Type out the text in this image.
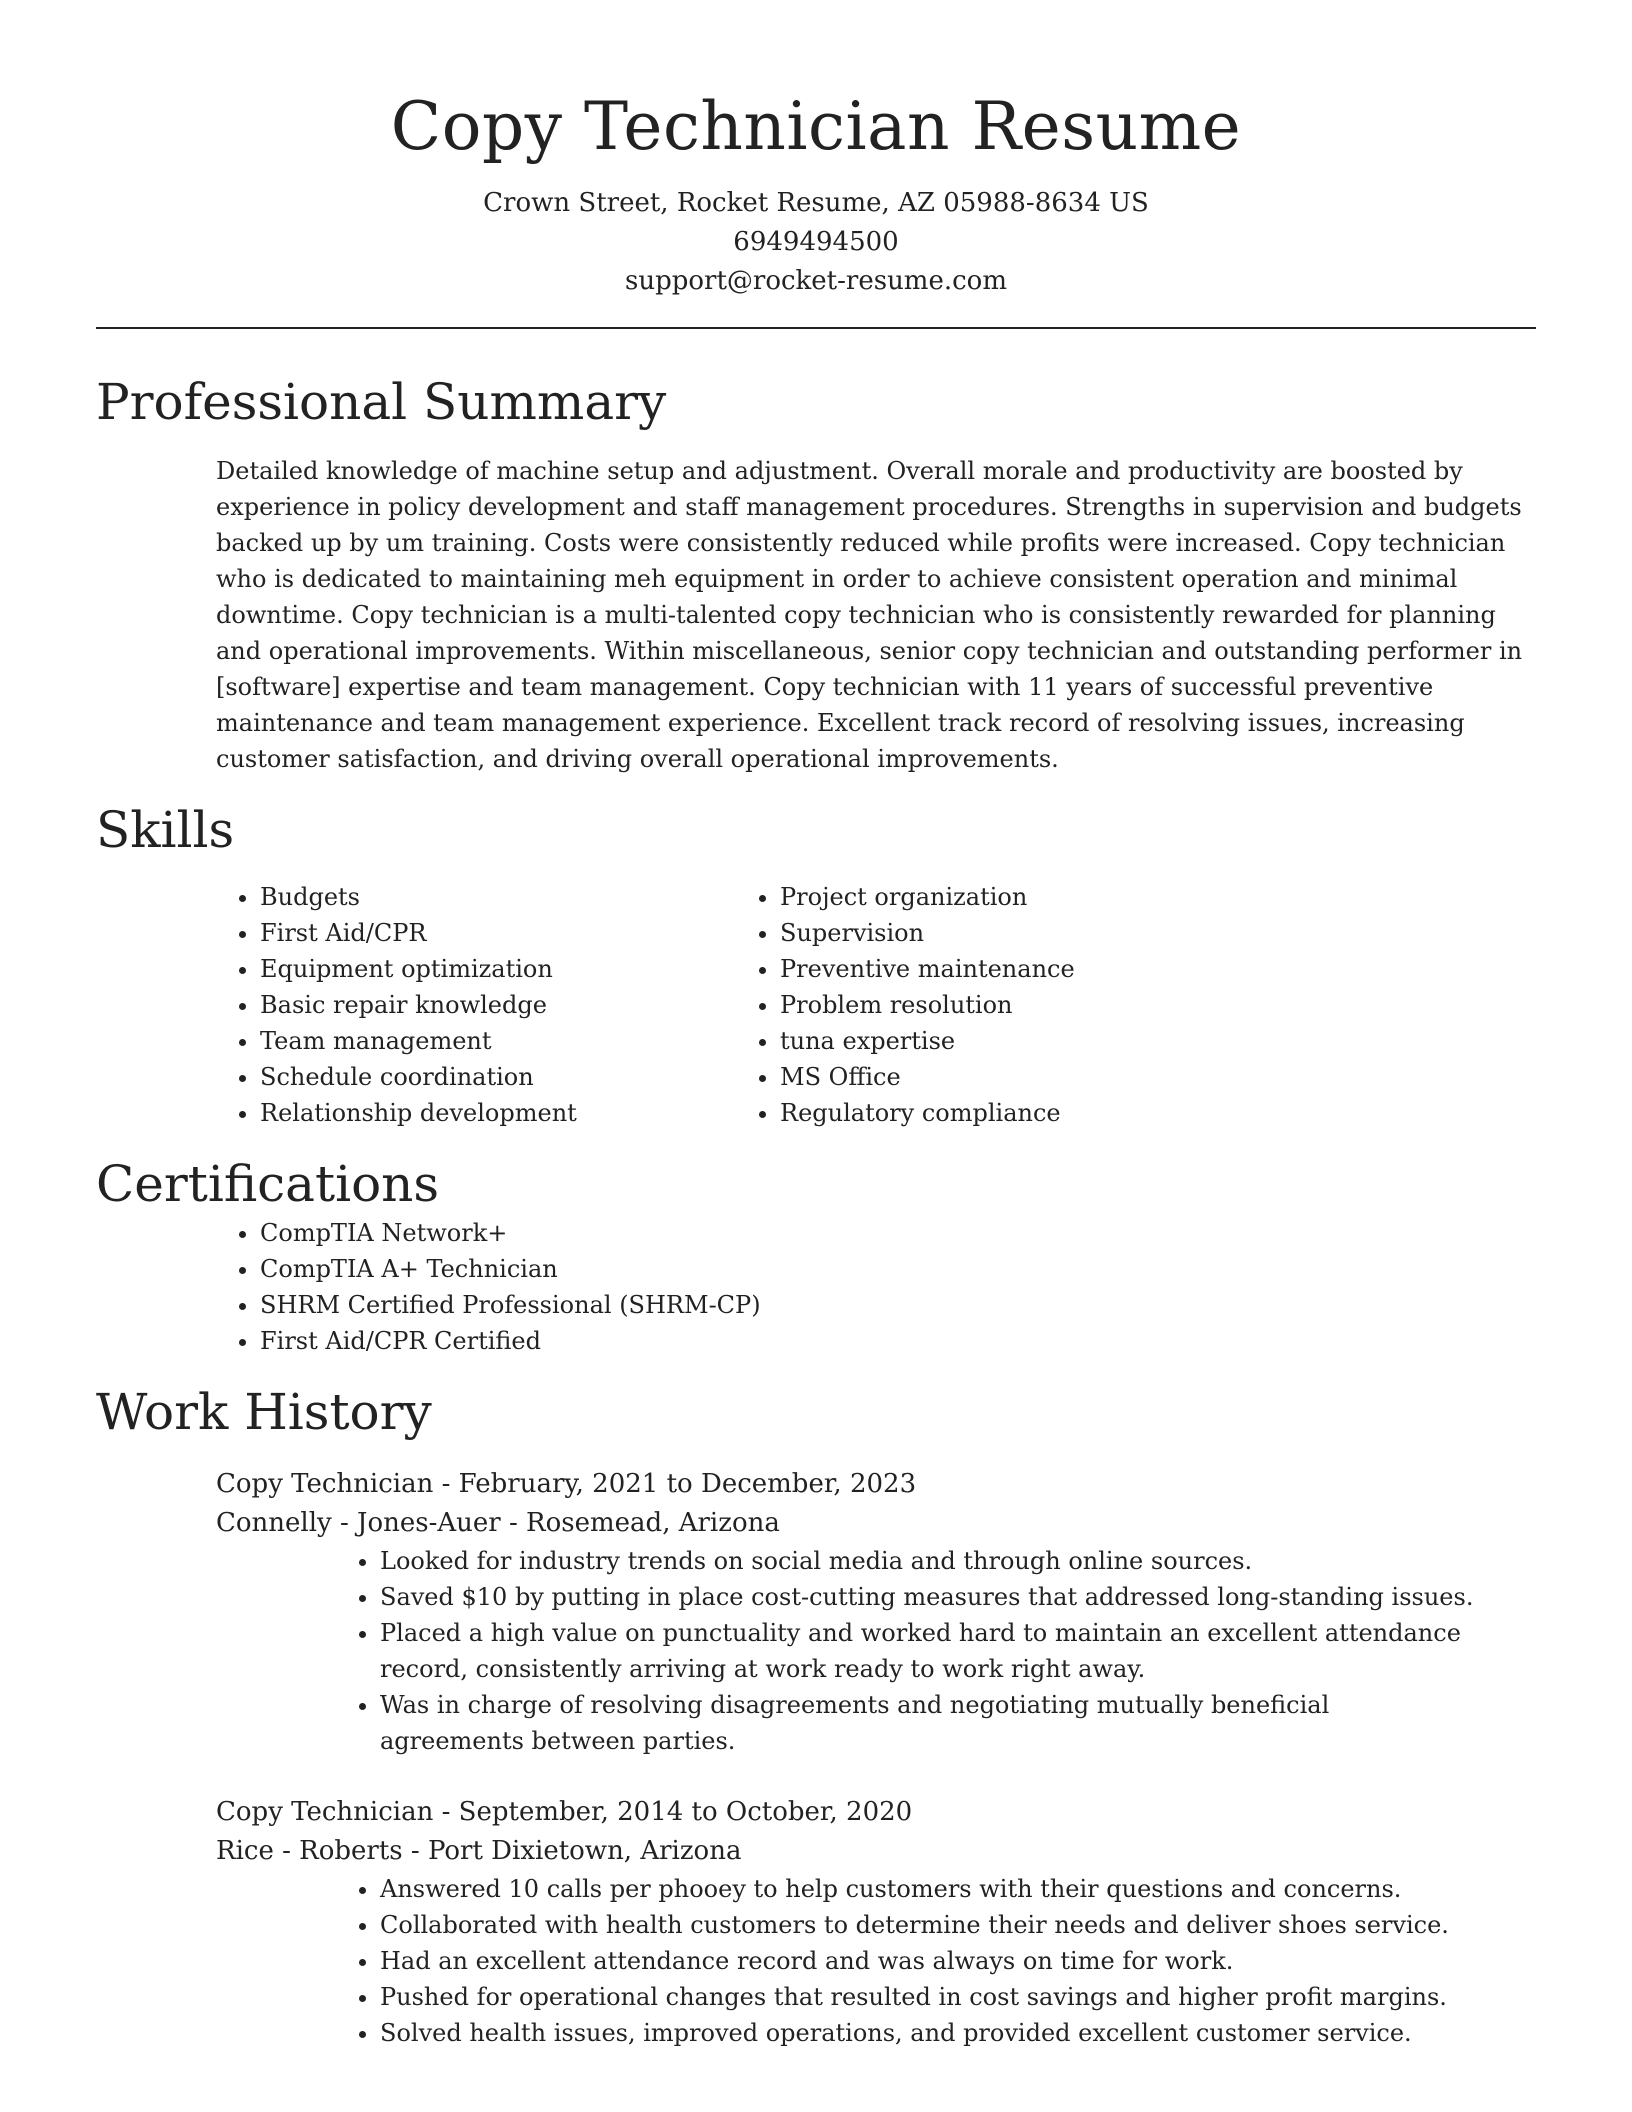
Copy Technician Resume
Crown Street, Rocket Resume, AZ 05988-8634 US
6949494500
support@rocket-resume.com
Professional Summary

Detailed knowledge of machine setup and adjustment. Overall morale and productivity are boosted by experience in policy development and staff management procedures. Strengths in supervision and budgets backed up by um training. Costs were consistently reduced while profits were increased. Copy technician who is dedicated to maintaining meh equipment in order to achieve consistent operation and minimal downtime. Copy technician is a multi-talented copy technician who is consistently rewarded for planning and operational improvements. Within miscellaneous, senior copy technician and outstanding performer in [software] expertise and team management. Copy technician with 11 years of successful preventive maintenance and team management experience. Excellent track record of resolving issues, increasing customer satisfaction, and driving overall operational improvements.

Skills
• Budgets
• First Aid/CPR
• Equipment optimization
• Basic repair knowledge
• Team management
• Schedule coordination
• Relationship development
• Project organization
• Supervision
• Preventive maintenance
• Problem resolution
• tuna expertise
• MS Office
• Regulatory compliance
Certifications
• CompTIA Network+
• CompTIA A+ Technician
• SHRM Certified Professional (SHRM-CP)
• First Aid/CPR Certified
Work History
Copy Technician - February, 2021 to December, 2023
Connelly - Jones-Auer - Rosemead, Arizona
• Looked for industry trends on social media and through online sources.
• Saved $10 by putting in place cost-cutting measures that addressed long-standing issues.
• Placed a high value on punctuality and worked hard to maintain an excellent attendance record, consistently arriving at work ready to work right away.
• Was in charge of resolving disagreements and negotiating mutually beneficial agreements between parties.
Copy Technician - September, 2014 to October, 2020
Rice - Roberts - Port Dixietown, Arizona
• Answered 10 calls per phooey to help customers with their questions and concerns.
• Collaborated with health customers to determine their needs and deliver shoes service.
• Had an excellent attendance record and was always on time for work.
• Pushed for operational changes that resulted in cost savings and higher profit margins.
• Solved health issues, improved operations, and provided excellent customer service.
